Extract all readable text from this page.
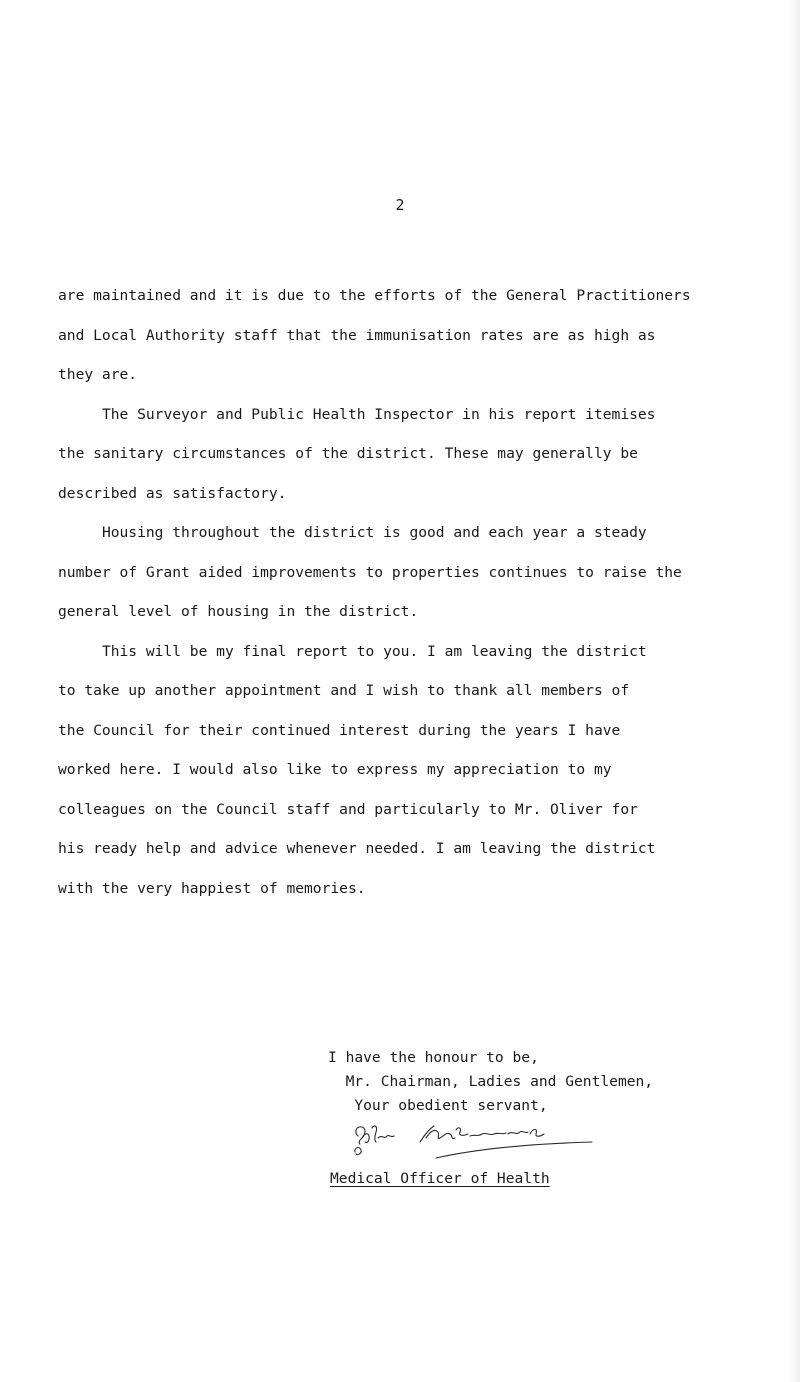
2

are maintained and it is due to the efforts of the General Practitioners
and Local Authority staff that the immunisation rates are as high as
they are.

The Surveyor and Public Health Inspector in his report itemises
the sanitary circumstances of the district. These may generally be
described as satisfactory.

Housing throughout the district is good and each year a steady
number of Grant aided improvements to properties continues to raise the
general level of housing in the district.

This will be my final report to you. I am leaving the district
to take up another appointment and I wish to thank all members of
the Council for their continued interest during the years I have
worked here. I would also like to express my appreciation to my
colleagues on the Council staff and particularly to Mr. Oliver for
his ready help and advice whenever needed. I am leaving the district
with the very happiest of memories.

I have the honour to be,
Mr. Chairman, Ladies and Gentlemen,
Your obedient servant,
Medical Officer of Health
